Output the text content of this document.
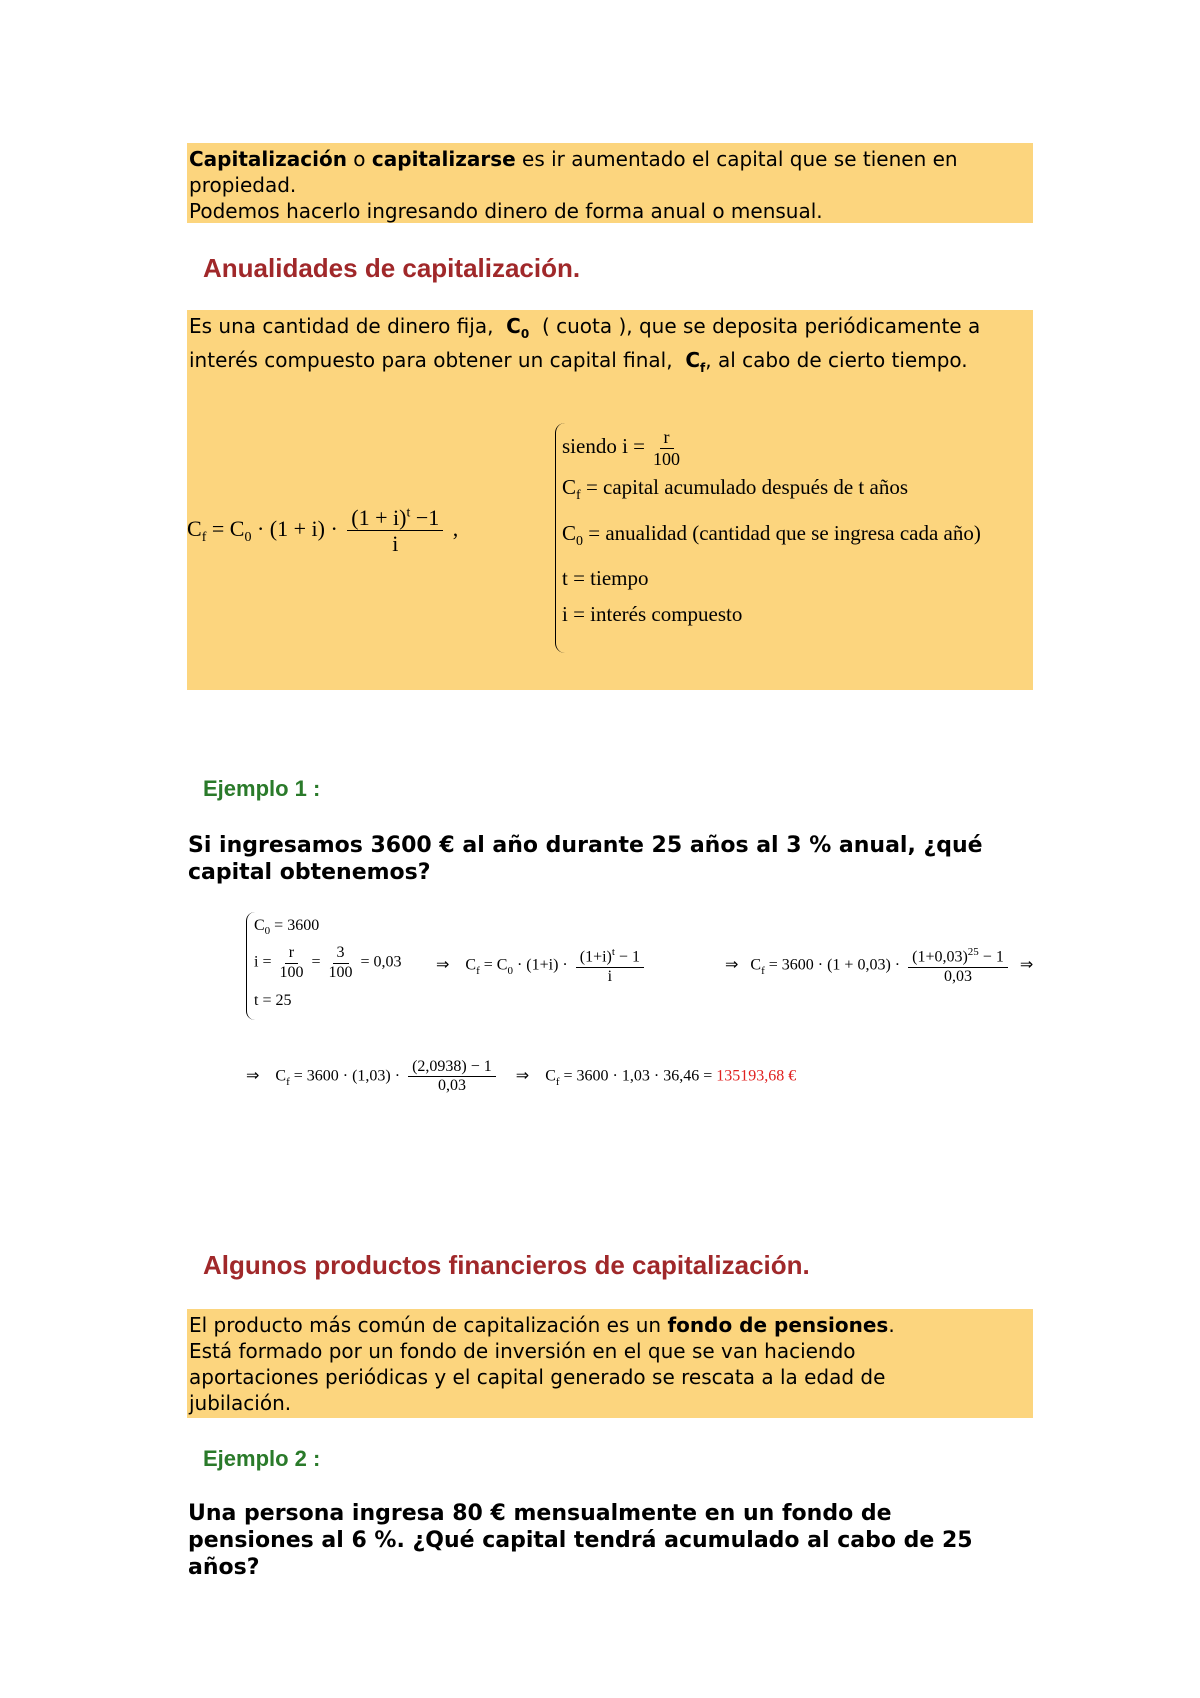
Capitalización o capitalizarse es ir aumentado el capital que se tienen en propiedad.
Podemos hacerlo ingresando dinero de forma anual o mensual.
Anualidades de capitalización.
Es una cantidad de dinero fija, $C_0$ ( cuota ), que se deposita periódicamente a interés compuesto para obtener un capital final, $C_f$, al cabo de cierto tiempo.
$C_f = C_0 \cdot (1 + i) \cdot \frac{(1 + i)^t -1}{i}$ ,
siendo $i = \frac{r}{100}$
$C_f$ = capital acumulado después de t años
$C_0$ = anualidad (cantidad que se ingresa cada año)
t = tiempo
i = interés compuesto
Ejemplo 1 :
Si ingresamos 3600 € al año durante 25 años al 3 % anual, ¿qué capital obtenemos?
$C_0 = 3600$
$i = \frac{r}{100} = \frac{3}{100} = 0,03$
t = 25
⇒ $C_f = C_0 \cdot (1+i) \cdot \frac{(1+i)^t - 1}{i}$	⇒ $C_f = 3600 \cdot (1 + 0,03) \cdot \frac{(1+0,03)^{25} - 1}{0,03}$ ⇒
⇒ $C_f = 3600 \cdot (1,03) \cdot \frac{(2,0938) - 1}{0,03}$ ⇒ $C_f = 3600 \cdot 1,03 \cdot 36,46 = 135193,68$ €
Algunos productos financieros de capitalización.
El producto más común de capitalización es un fondo de pensiones.
Está formado por un fondo de inversión en el que se van haciendo aportaciones periódicas y el capital generado se rescata a la edad de jubilación.
Ejemplo 2 :
Una persona ingresa 80 € mensualmente en un fondo de pensiones al 6 %. ¿Qué capital tendrá acumulado al cabo de 25 años?
